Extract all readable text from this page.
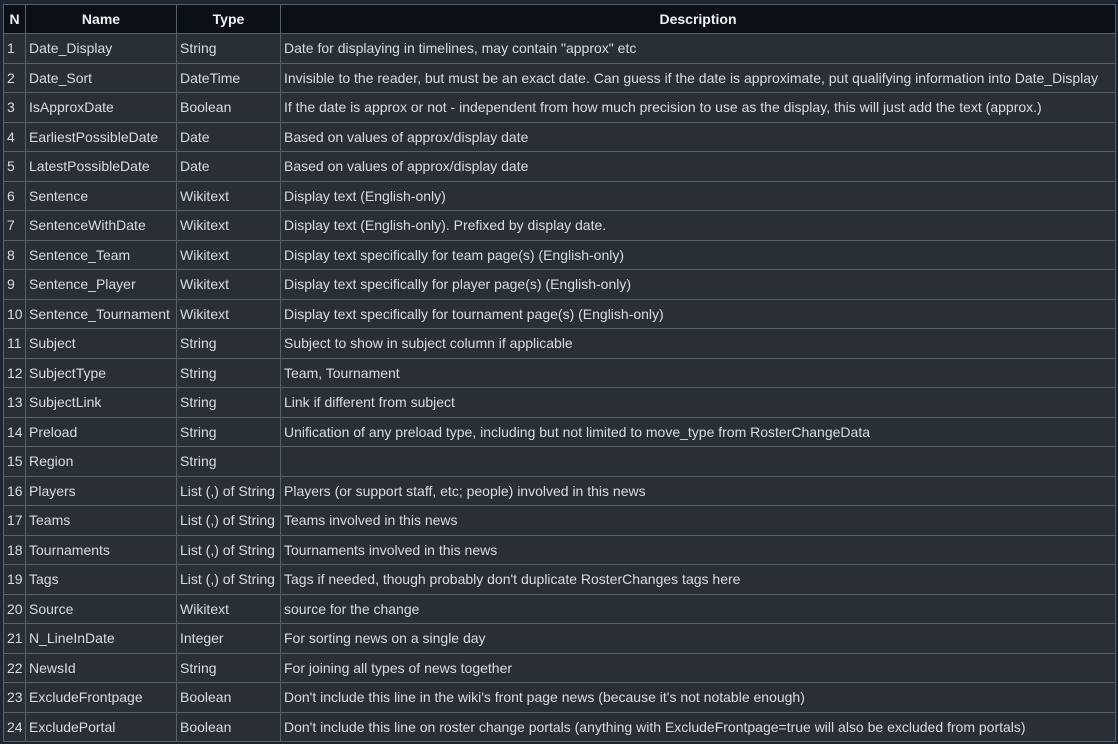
N	Name	Type	Description
1	Date_Display	String	Date for displaying in timelines, may contain "approx" etc
2	Date_Sort	DateTime	Invisible to the reader, but must be an exact date. Can guess if the date is approximate, put qualifying information into Date_Display
3	IsApproxDate	Boolean	If the date is approx or not - independent from how much precision to use as the display, this will just add the text (approx.)
4	EarliestPossibleDate	Date	Based on values of approx/display date
5	LatestPossibleDate	Date	Based on values of approx/display date
6	Sentence	Wikitext	Display text (English-only)
7	SentenceWithDate	Wikitext	Display text (English-only). Prefixed by display date.
8	Sentence_Team	Wikitext	Display text specifically for team page(s) (English-only)
9	Sentence_Player	Wikitext	Display text specifically for player page(s) (English-only)
10	Sentence_Tournament	Wikitext	Display text specifically for tournament page(s) (English-only)
11	Subject	String	Subject to show in subject column if applicable
12	SubjectType	String	Team, Tournament
13	SubjectLink	String	Link if different from subject
14	Preload	String	Unification of any preload type, including but not limited to move_type from RosterChangeData
15	Region	String	
16	Players	List (,) of String	Players (or support staff, etc; people) involved in this news
17	Teams	List (,) of String	Teams involved in this news
18	Tournaments	List (,) of String	Tournaments involved in this news
19	Tags	List (,) of String	Tags if needed, though probably don't duplicate RosterChanges tags here
20	Source	Wikitext	source for the change
21	N_LineInDate	Integer	For sorting news on a single day
22	NewsId	String	For joining all types of news together
23	ExcludeFrontpage	Boolean	Don't include this line in the wiki's front page news (because it's not notable enough)
24	ExcludePortal	Boolean	Don't include this line on roster change portals (anything with ExcludeFrontpage=true will also be excluded from portals)
